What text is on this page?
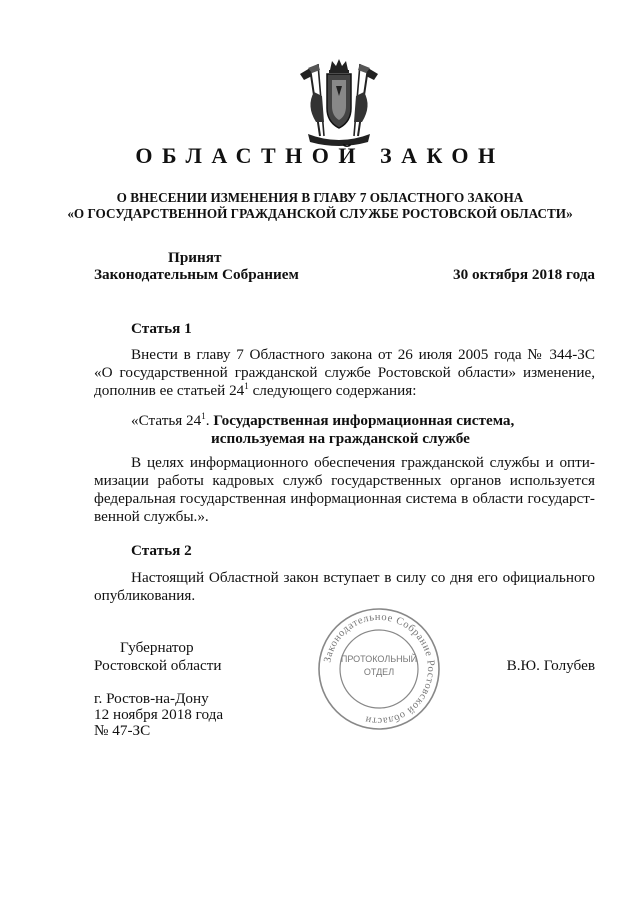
ОБЛАСТНОЙ ЗАКОН
О ВНЕСЕНИИ ИЗМЕНЕНИЯ В ГЛАВУ 7 ОБЛАСТНОГО ЗАКОНА
«О ГОСУДАРСТВЕННОЙ ГРАЖДАНСКОЙ СЛУЖБЕ РОСТОВСКОЙ ОБЛАСТИ»
Принят
Законодательным Собранием	30 октября 2018 года
Статья 1
Внести в главу 7 Областного закона от 26 июля 2005 года № 344-ЗС
«О государственной гражданской службе Ростовской области» изменение,
дополнив ее статьей $24^1$ следующего содержания:
«Статья $24^1$. Государственная информационная система,
используемая на гражданской службе
В целях информационного обеспечения гражданской службы и опти-
мизации работы кадровых служб государственных органов используется
федеральная государственная информационная система в области государст-
венной службы.».
Статья 2
Настоящий Областной закон вступает в силу со дня его официального
опубликования.
Губернатор
Ростовской области	В.Ю. Голубев
Законодательное Собрание Ростовской области
ПРОТОКОЛЬНЫЙ
ОТДЕЛ
г. Ростов-на-Дону
12 ноября 2018 года
№ 47-ЗС
